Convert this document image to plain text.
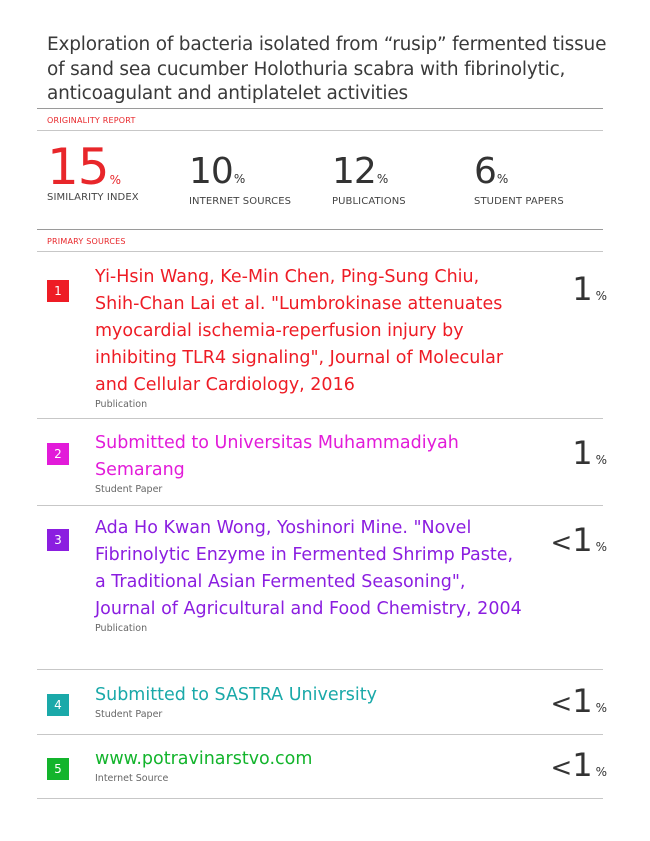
Exploration of bacteria isolated from “rusip” fermented tissue of sand sea cucumber Holothuria scabra with fibrinolytic, anticoagulant and antiplatelet activities
ORIGINALITY REPORT
15%
SIMILARITY INDEX
10%
INTERNET SOURCES
12%
PUBLICATIONS
6%
STUDENT PAPERS
PRIMARY SOURCES
1
Yi-Hsin Wang, Ke-Min Chen, Ping-Sung Chiu, Shih-Chan Lai et al. "Lumbrokinase attenuates myocardial ischemia-reperfusion injury by inhibiting TLR4 signaling", Journal of Molecular and Cellular Cardiology, 2016
Publication
1 %
2
Submitted to Universitas Muhammadiyah Semarang
Student Paper
1 %
3
Ada Ho Kwan Wong, Yoshinori Mine. "Novel Fibrinolytic Enzyme in Fermented Shrimp Paste, a Traditional Asian Fermented Seasoning", Journal of Agricultural and Food Chemistry, 2004
Publication
<1 %
4	Submitted to SASTRA University
Student Paper	<1 %
5	www.potravinarstvo.com
Internet Source	<1 %
